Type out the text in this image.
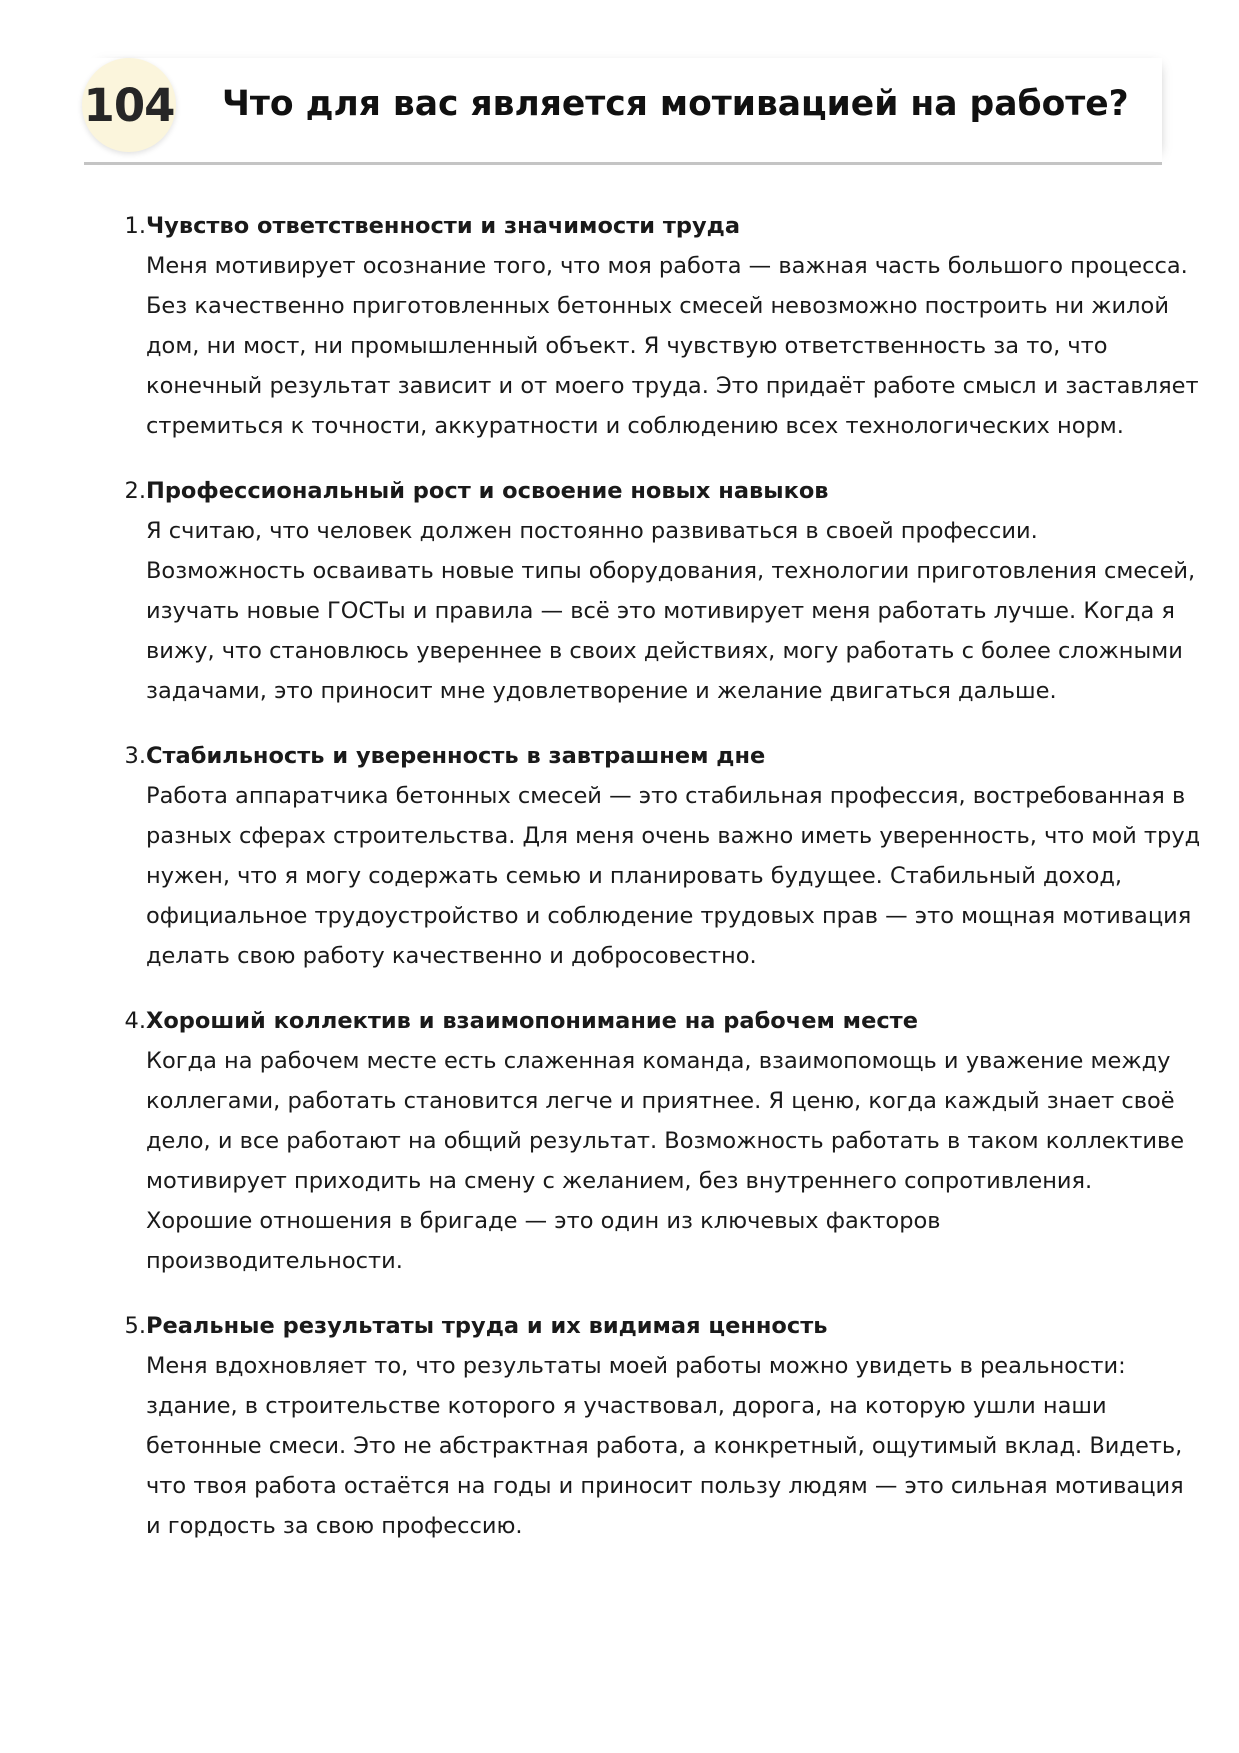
104 Что для вас является мотивацией на работе?
1. Чувство ответственности и значимости труда

Меня мотивирует осознание того, что моя работа — важная часть большого процесса.
Без качественно приготовленных бетонных смесей невозможно построить ни жилой
дом, ни мост, ни промышленный объект. Я чувствую ответственность за то, что
конечный результат зависит и от моего труда. Это придаёт работе смысл и заставляет
стремиться к точности, аккуратности и соблюдению всех технологических норм.

2. Профессиональный рост и освоение новых навыков

Я считаю, что человек должен постоянно развиваться в своей профессии.
Возможность осваивать новые типы оборудования, технологии приготовления смесей,
изучать новые ГОСТы и правила — всё это мотивирует меня работать лучше. Когда я
вижу, что становлюсь увереннее в своих действиях, могу работать с более сложными
задачами, это приносит мне удовлетворение и желание двигаться дальше.

3. Стабильность и уверенность в завтрашнем дне

Работа аппаратчика бетонных смесей — это стабильная профессия, востребованная в
разных сферах строительства. Для меня очень важно иметь уверенность, что мой труд
нужен, что я могу содержать семью и планировать будущее. Стабильный доход,
официальное трудоустройство и соблюдение трудовых прав — это мощная мотивация
делать свою работу качественно и добросовестно.

4. Хороший коллектив и взаимопонимание на рабочем месте

Когда на рабочем месте есть слаженная команда, взаимопомощь и уважение между
коллегами, работать становится легче и приятнее. Я ценю, когда каждый знает своё
дело, и все работают на общий результат. Возможность работать в таком коллективе
мотивирует приходить на смену с желанием, без внутреннего сопротивления.
Хорошие отношения в бригаде — это один из ключевых факторов
производительности.

5. Реальные результаты труда и их видимая ценность

Меня вдохновляет то, что результаты моей работы можно увидеть в реальности:
здание, в строительстве которого я участвовал, дорога, на которую ушли наши
бетонные смеси. Это не абстрактная работа, а конкретный, ощутимый вклад. Видеть,
что твоя работа остаётся на годы и приносит пользу людям — это сильная мотивация
и гордость за свою профессию.
